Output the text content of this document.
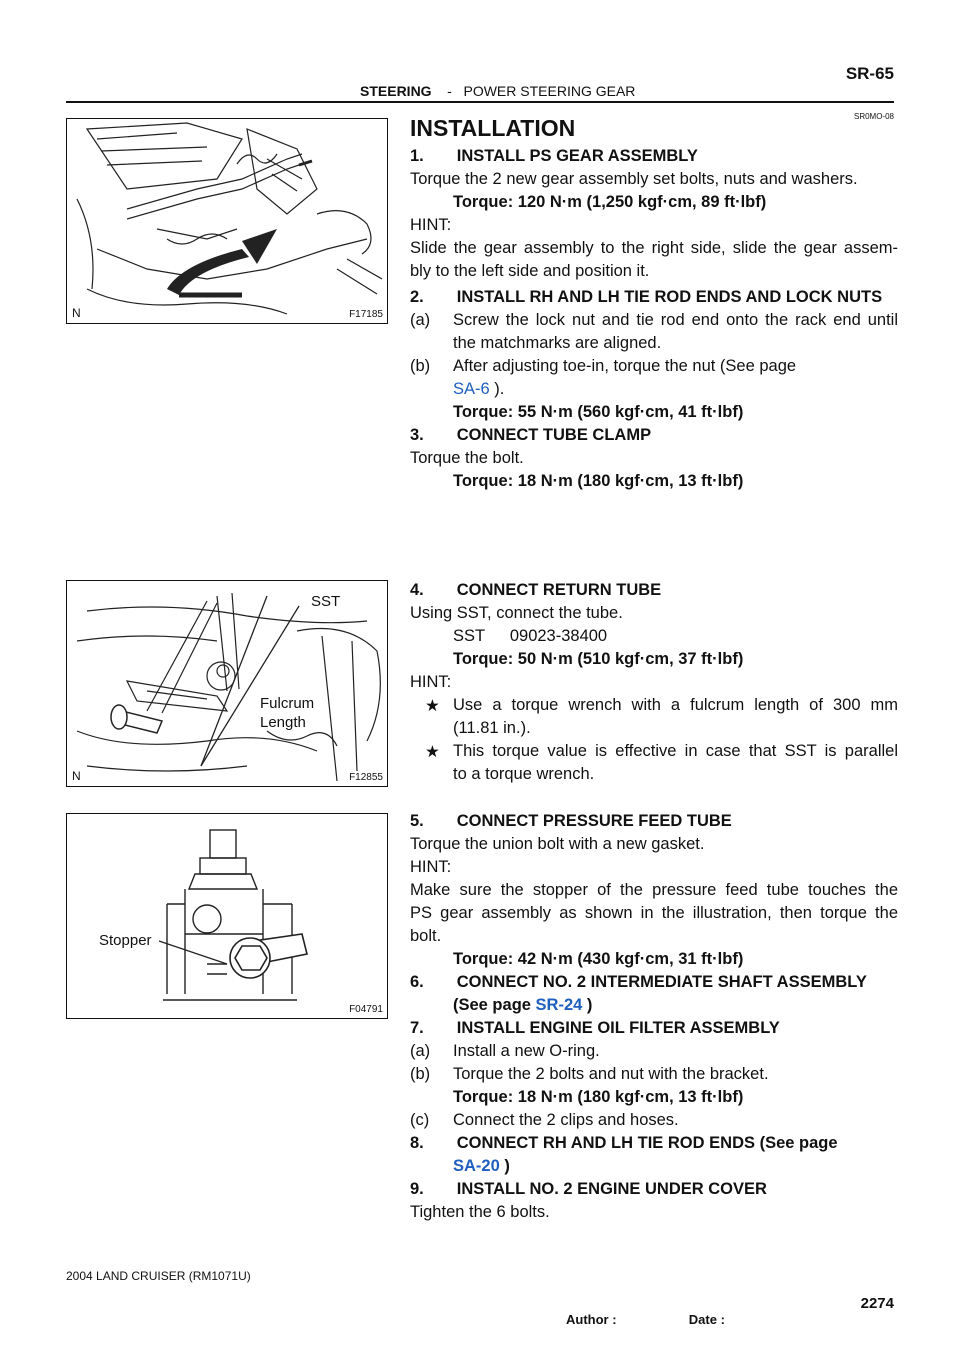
SR-65
STEERING - POWER STEERING GEAR
SR0MO-08
N	F17185
SST
Fulcrum
Length
N	F12855
Stopper
F04791
INSTALLATION
1.  INSTALL PS GEAR ASSEMBLY
Torque the 2 new gear assembly set bolts, nuts and washers.
Torque: 120 N·m (1,250 kgf·cm, 89 ft·lbf)
HINT:
Slide the gear assembly to the right side, slide the gear assem-
bly to the left side and position it.
2.  INSTALL RH AND LH TIE ROD ENDS AND LOCK NUTS
(a) Screw the lock nut and tie rod end onto the rack end until
the matchmarks are aligned.
(b) After adjusting toe-in, torque the nut (See page
SA-6 ).
Torque: 55 N·m (560 kgf·cm, 41 ft·lbf)
3.  CONNECT TUBE CLAMP
Torque the bolt.
Torque: 18 N·m (180 kgf·cm, 13 ft·lbf)
4.  CONNECT RETURN TUBE
Using SST, connect the tube.
SST  09023-38400
Torque: 50 N·m (510 kgf·cm, 37 ft·lbf)
HINT:
★ Use a torque wrench with a fulcrum length of 300 mm
(11.81 in.).
★ This torque value is effective in case that SST is parallel
to a torque wrench.
5.  CONNECT PRESSURE FEED TUBE
Torque the union bolt with a new gasket.
HINT:
Make sure the stopper of the pressure feed tube touches the
PS gear assembly as shown in the illustration, then torque the
bolt.
Torque: 42 N·m (430 kgf·cm, 31 ft·lbf)
6.  CONNECT NO. 2 INTERMEDIATE SHAFT ASSEMBLY
(See page SR-24 )
7.  INSTALL ENGINE OIL FILTER ASSEMBLY
(a) Install a new O-ring.
(b) Torque the 2 bolts and nut with the bracket.
Torque: 18 N·m (180 kgf·cm, 13 ft·lbf)
(c) Connect the 2 clips and hoses.
8.  CONNECT RH AND LH TIE ROD ENDS (See page
SA-20 )
9.  INSTALL NO. 2 ENGINE UNDER COVER
Tighten the 6 bolts.
2004 LAND CRUISER (RM1071U)
2274
Author :                    Date :
